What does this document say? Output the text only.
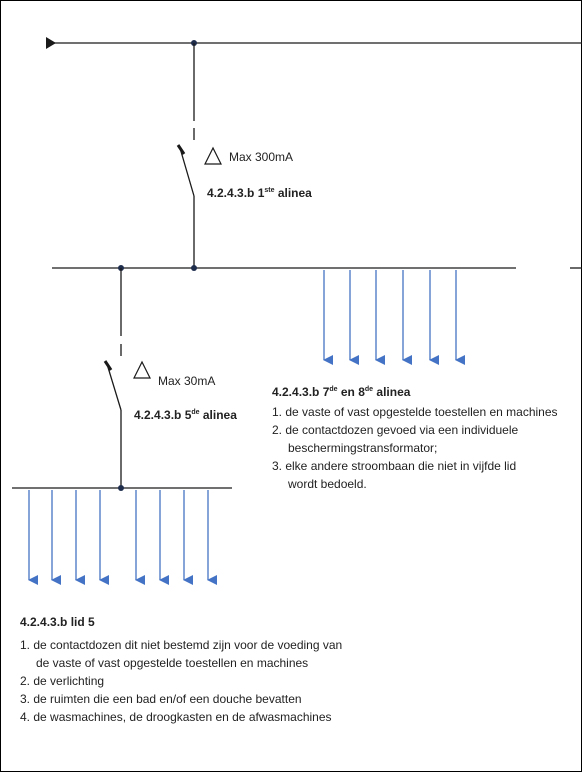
Max 300mA
4.2.4.3.b 1ste alinea
Max 30mA
4.2.4.3.b 5de alinea
4.2.4.3.b 7de en 8de alinea
1. de vaste of vast opgestelde toestellen en machines
2. de contactdozen gevoed via een individuele
beschermingstransformator;
3. elke andere stroombaan die niet in vijfde lid
wordt bedoeld.
4.2.4.3.b lid 5
1. de contactdozen dit niet bestemd zijn voor de voeding van
de vaste of vast opgestelde toestellen en machines
2. de verlichting
3. de ruimten die een bad en/of een douche bevatten
4. de wasmachines, de droogkasten en de afwasmachines
